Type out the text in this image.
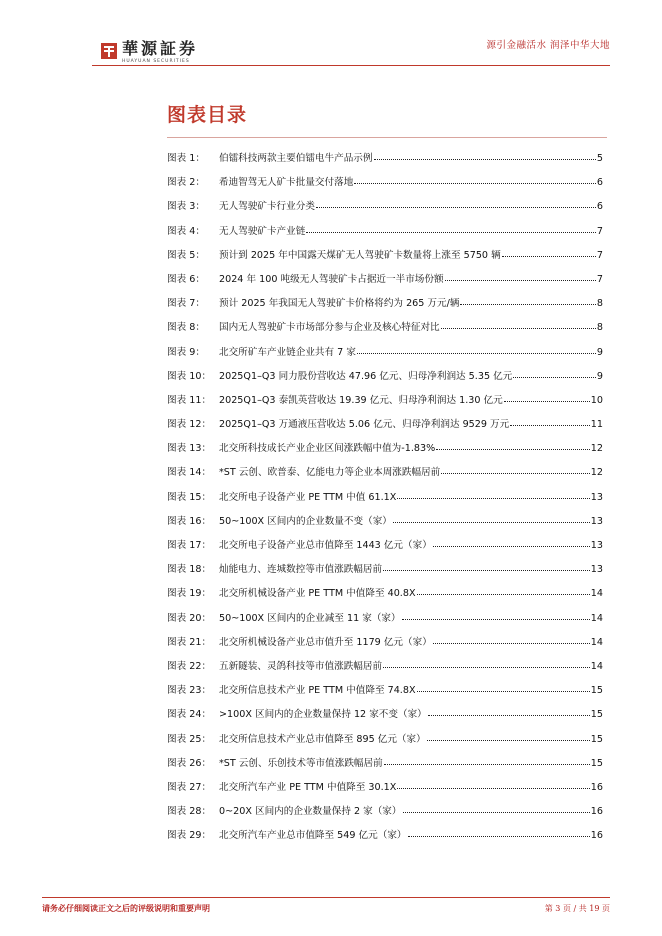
華源証券
HUAYUAN SECURITIES
源引金融活水 润泽中华大地
图表目录
图表 1：	伯镭科技两款主要伯镭电牛产品示例	5
图表 2：	希迪智驾无人矿卡批量交付落地	6
图表 3：	无人驾驶矿卡行业分类	6
图表 4：	无人驾驶矿卡产业链	7
图表 5：	预计到 2025 年中国露天煤矿无人驾驶矿卡数量将上涨至 5750 辆	7
图表 6：	2024 年 100 吨级无人驾驶矿卡占据近一半市场份额	7
图表 7：	预计 2025 年我国无人驾驶矿卡价格将约为 265 万元/辆	8
图表 8：	国内无人驾驶矿卡市场部分参与企业及核心特征对比	8
图表 9：	北交所矿车产业链企业共有 7 家	9
图表 10： 2025Q1–Q3 同力股份营收达 47.96 亿元、归母净利润达 5.35 亿元	9
图表 11： 2025Q1–Q3 泰凯英营收达 19.39 亿元、归母净利润达 1.30 亿元	10
图表 12： 2025Q1–Q3 万通液压营收达 5.06 亿元、归母净利润达 9529 万元	11
图表 13： 北交所科技成长产业企业区间涨跌幅中值为-1.83%	12
图表 14： *ST 云创、欧普泰、亿能电力等企业本周涨跌幅居前	12
图表 15： 北交所电子设备产业 PE TTM 中值 61.1X	13
图表 16： 50~100X 区间内的企业数量不变（家）	13
图表 17： 北交所电子设备产业总市值降至 1443 亿元（家）	13
图表 18： 灿能电力、连城数控等市值涨跌幅居前	13
图表 19： 北交所机械设备产业 PE TTM 中值降至 40.8X	14
图表 20： 50~100X 区间内的企业减至 11 家（家）	14
图表 21： 北交所机械设备产业总市值升至 1179 亿元（家）	14
图表 22： 五新隧装、灵鸽科技等市值涨跌幅居前	14
图表 23： 北交所信息技术产业 PE TTM 中值降至 74.8X	15
图表 24： >100X 区间内的企业数量保持 12 家不变（家）	15
图表 25： 北交所信息技术产业总市值降至 895 亿元（家）	15
图表 26： *ST 云创、乐创技术等市值涨跌幅居前	15
图表 27： 北交所汽车产业 PE TTM 中值降至 30.1X	16
图表 28： 0~20X 区间内的企业数量保持 2 家（家）	16
图表 29： 北交所汽车产业总市值降至 549 亿元（家）	16
请务必仔细阅读正文之后的评级说明和重要声明	第 3 页 / 共 19 页
